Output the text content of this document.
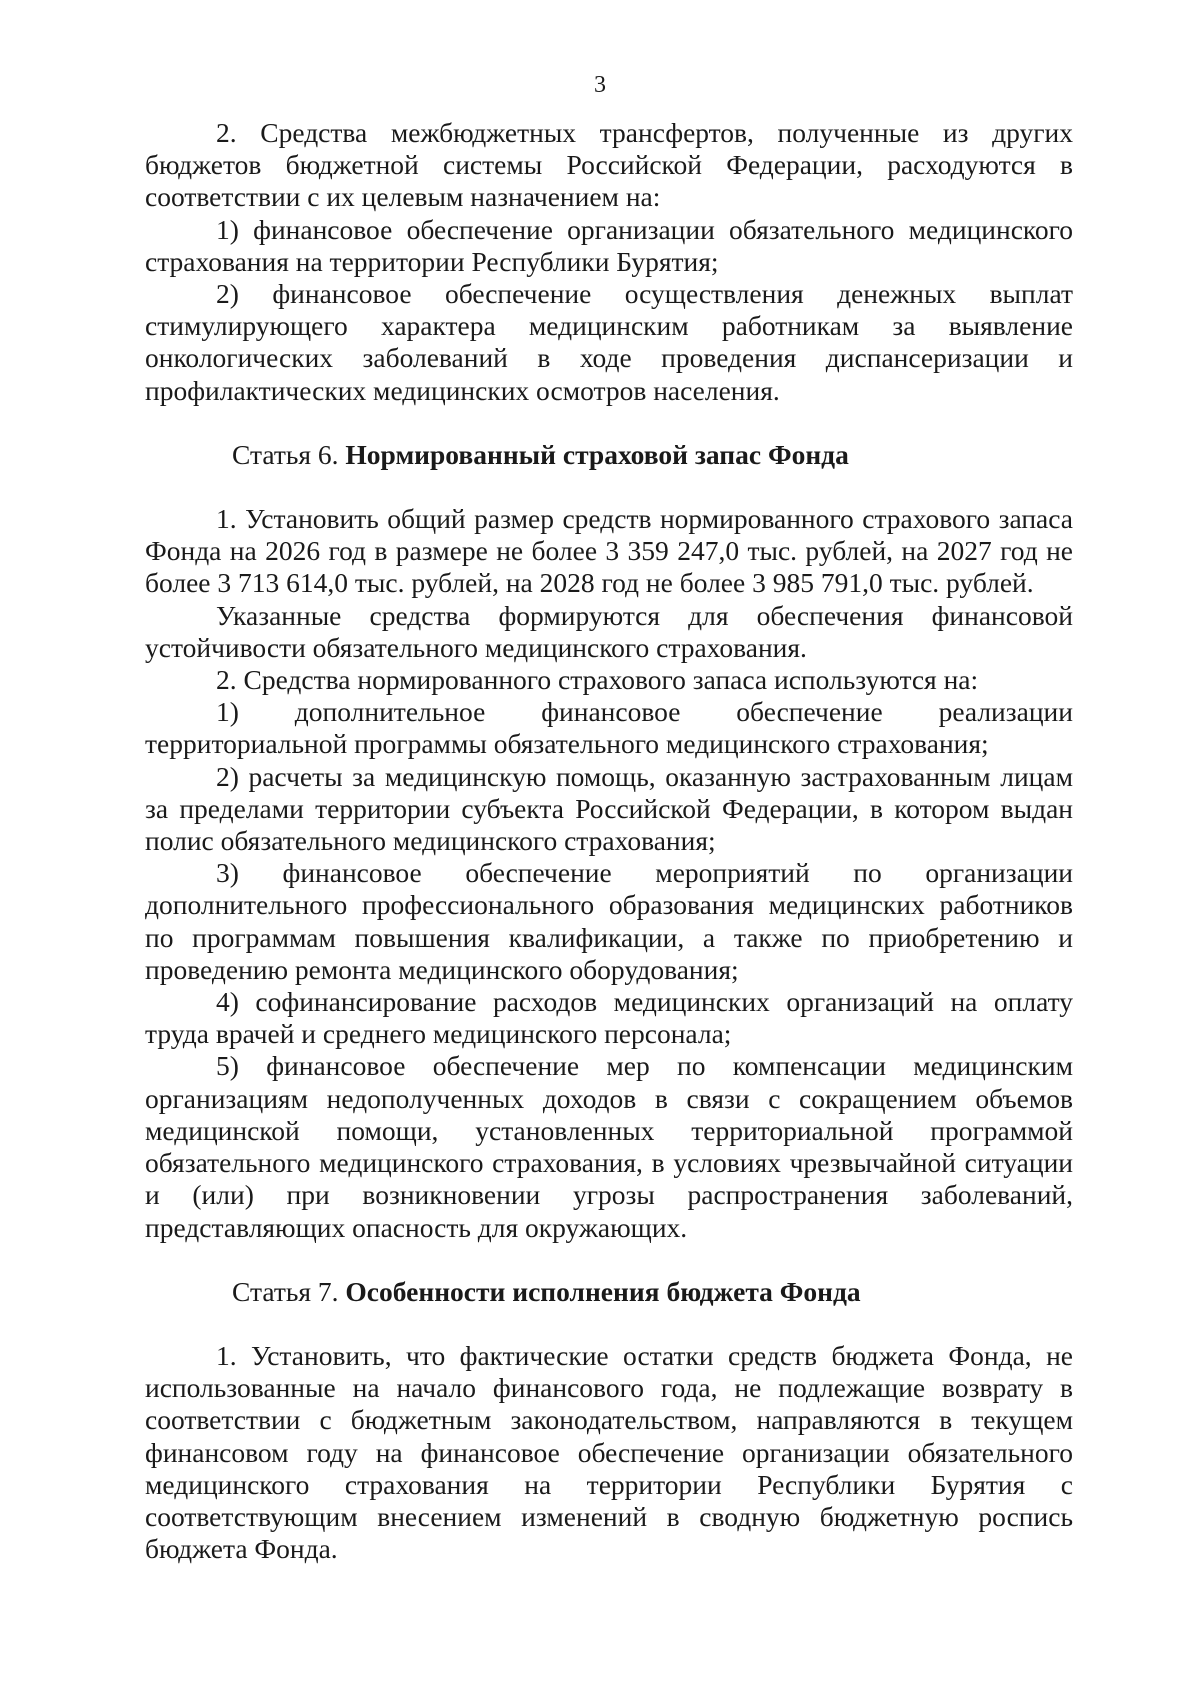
3

2. Средства межбюджетных трансфертов, полученные из других бюджетов бюджетной системы Российской Федерации, расходуются в соответствии с их целевым назначением на:

1) финансовое обеспечение организации обязательного медицинского страхования на территории Республики Бурятия;

2) финансовое обеспечение осуществления денежных выплат стимулирующего характера медицинским работникам за выявление онкологических заболеваний в ходе проведения диспансеризации и профилактических медицинских осмотров населения.

Статья 6. Нормированный страховой запас Фонда

1. Установить общий размер средств нормированного страхового запаса Фонда на 2026 год в размере не более 3 359 247,0 тыс. рублей, на 2027 год не более 3 713 614,0 тыс. рублей, на 2028 год не более 3 985 791,0 тыс. рублей.

Указанные средства формируются для обеспечения финансовой устойчивости обязательного медицинского страхования.

2. Средства нормированного страхового запаса используются на:

1) дополнительное финансовое обеспечение реализации территориальной программы обязательного медицинского страхования;

2) расчеты за медицинскую помощь, оказанную застрахованным лицам за пределами территории субъекта Российской Федерации, в котором выдан полис обязательного медицинского страхования;

3) финансовое обеспечение мероприятий по организации дополнительного профессионального образования медицинских работников по программам повышения квалификации, а также по приобретению и проведению ремонта медицинского оборудования;

4) софинансирование расходов медицинских организаций на оплату труда врачей и среднего медицинского персонала;

5) финансовое обеспечение мер по компенсации медицинским организациям недополученных доходов в связи с сокращением объемов медицинской помощи, установленных территориальной программой обязательного медицинского страхования, в условиях чрезвычайной ситуации и (или) при возникновении угрозы распространения заболеваний, представляющих опасность для окружающих.

Статья 7. Особенности исполнения бюджета Фонда

1. Установить, что фактические остатки средств бюджета Фонда, не использованные на начало финансового года, не подлежащие возврату в соответствии с бюджетным законодательством, направляются в текущем финансовом году на финансовое обеспечение организации обязательного медицинского страхования на территории Республики Бурятия с соответствующим внесением изменений в сводную бюджетную роспись бюджета Фонда.
